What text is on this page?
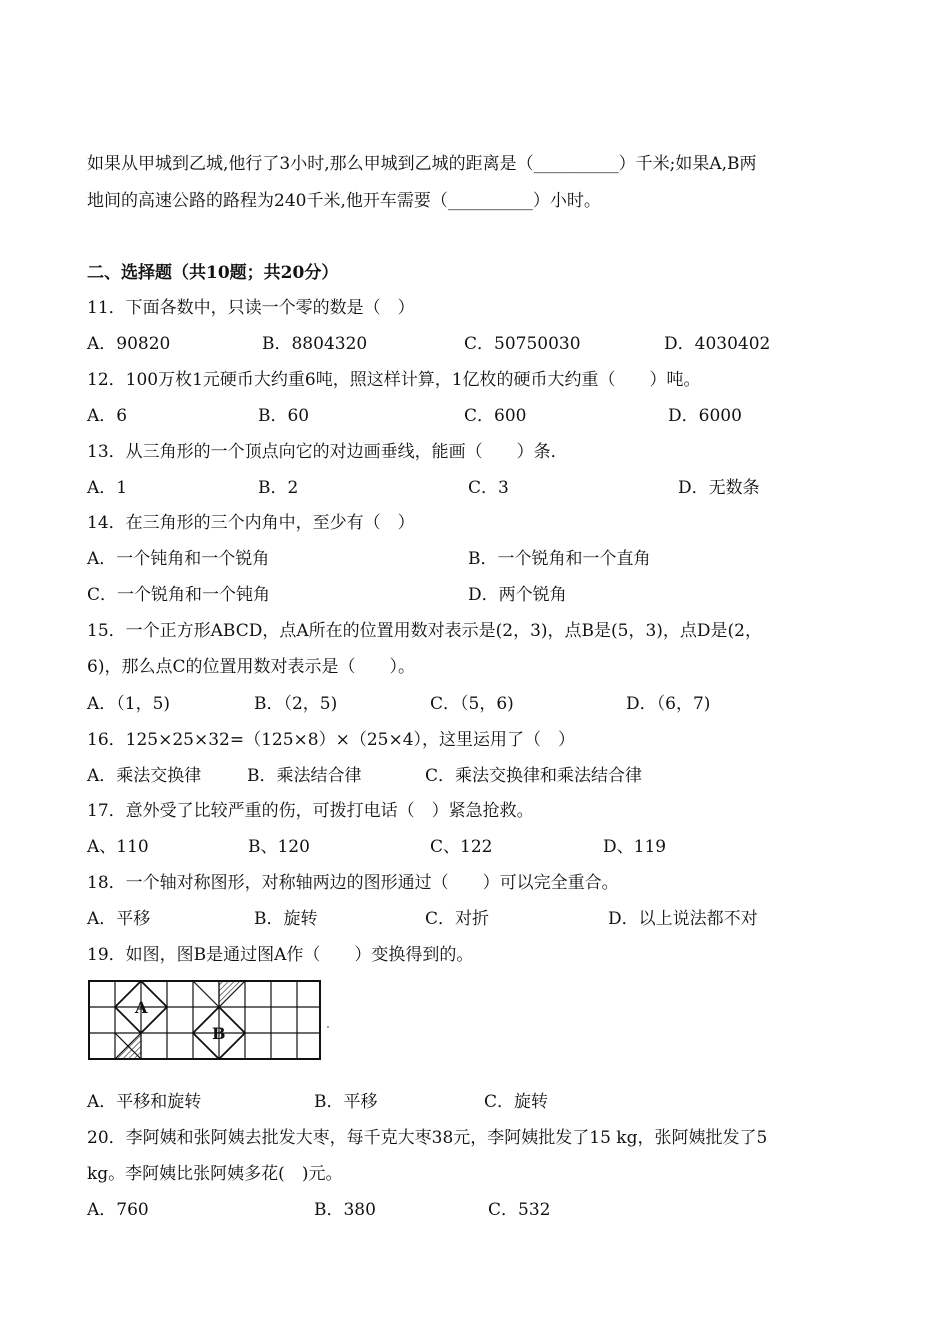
如果从甲城到乙城,他行了3小时,那么甲城到乙城的距离是（__________）千米;如果A,B两
地间的高速公路的路程为240千米,他开车需要（__________）小时。
二、选择题（共10题；共20分）
11．下面各数中，只读一个零的数是（　）
A．90820	B．8804320	C．50750030	D．4030402
12．100万枚1元硬币大约重6吨，照这样计算，1亿枚的硬币大约重（　　）吨。
A．6	B．60	C．600	D．6000
13．从三角形的一个顶点向它的对边画垂线，能画（　　）条．
A．1	B．2	C．3	D．无数条
14．在三角形的三个内角中，至少有（　）
A．一个钝角和一个锐角	B．一个锐角和一个直角
C．一个锐角和一个钝角	D．两个锐角
15．一个正方形ABCD，点A所在的位置用数对表示是(2，3)，点B是(5，3)，点D是(2，
6)，那么点C的位置用数对表示是（　　）。
A．（1，5)	B．（2，5)	C．（5，6)	D．（6，7)
16．125×25×32=（125×8）×（25×4），这里运用了（　）
A．乘法交换律	B．乘法结合律	C．乘法交换律和乘法结合律
17．意外受了比较严重的伤，可拨打电话（　）紧急抢救。
A、110	B、120	C、122	D、119
18．一个轴对称图形，对称轴两边的图形通过（　　）可以完全重合。
A．平移	B．旋转	C．对折	D．以上说法都不对
19．如图，图B是通过图A作（　　）变换得到的。
A
B
A．平移和旋转	B．平移	C．旋转
20．李阿姨和张阿姨去批发大枣，每千克大枣38元，李阿姨批发了15 kg，张阿姨批发了5
kg。李阿姨比张阿姨多花(　)元。
A．760	B．380	C．532
